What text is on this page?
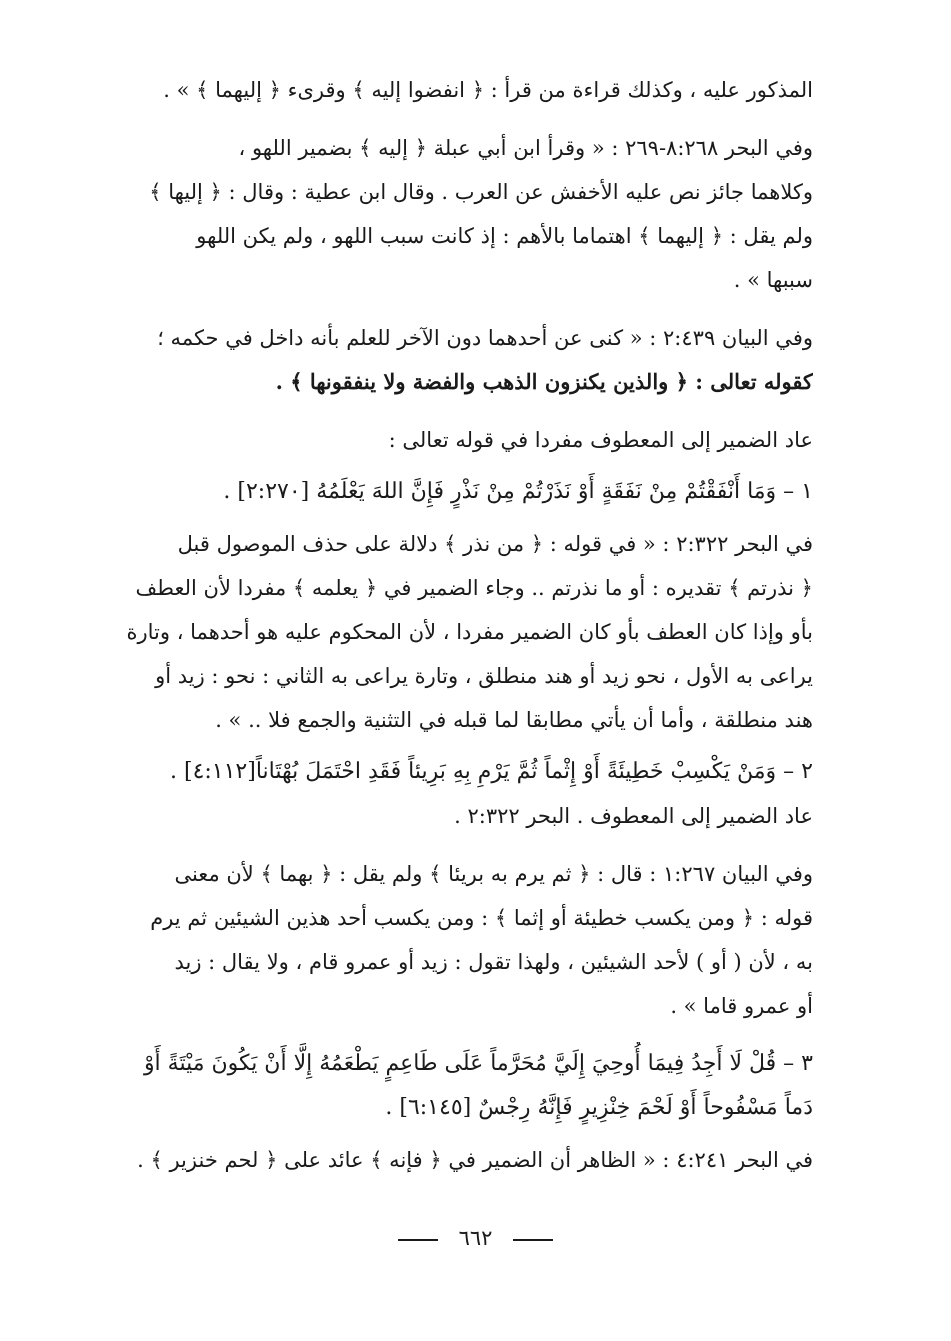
المذكور عليه ، وكذلك قراءة من قرأ : ﴿ انفضوا إليه ﴾ وقرىء ﴿ إليهما ﴾ » .
وفي البحر ٨:٢٦٨-٢٦٩ : « وقرأ ابن أبي عبلة ﴿ إليه ﴾ بضمير اللهو ،
وكلاهما جائز نص عليه الأخفش عن العرب . وقال ابن عطية : وقال : ﴿ إليها ﴾
ولم يقل : ﴿ إليهما ﴾ اهتماما بالأهم : إذ كانت سبب اللهو ، ولم يكن اللهو
سببها » .
وفي البيان ٢:٤٣٩ : « كنى عن أحدهما دون الآخر للعلم بأنه داخل في حكمه ؛
كقوله تعالى : ﴿ والذين يكنزون الذهب والفضة ولا ينفقونها ﴾ .
عاد الضمير إلى المعطوف مفردا في قوله تعالى :
١ – وَمَا أَنْفَقْتُمْ مِنْ نَفَقَةٍ أَوْ نَذَرْتُمْ مِنْ نَذْرٍ فَإِنَّ اللهَ يَعْلَمُهُ [٢:٢٧٠] .
في البحر ٢:٣٢٢ : « في قوله : ﴿ من نذر ﴾ دلالة على حذف الموصول قبل
﴿ نذرتم ﴾ تقديره : أو ما نذرتم .. وجاء الضمير في ﴿ يعلمه ﴾ مفردا لأن العطف
بأو وإذا كان العطف بأو كان الضمير مفردا ، لأن المحكوم عليه هو أحدهما ، وتارة
يراعى به الأول ، نحو زيد أو هند منطلق ، وتارة يراعى به الثاني : نحو : زيد أو
هند منطلقة ، وأما أن يأتي مطابقا لما قبله في التثنية والجمع فلا .. » .
٢ – وَمَنْ يَكْسِبْ خَطِيئَةً أَوْ إِثْماً ثُمَّ يَرْمِ بِهِ بَرِيئاً فَقَدِ احْتَمَلَ بُهْتَاناً[٤:١١٢] .
عاد الضمير إلى المعطوف . البحر ٢:٣٢٢ .
وفي البيان ١:٢٦٧ : قال : ﴿ ثم يرم به بريئا ﴾ ولم يقل : ﴿ بهما ﴾ لأن معنى
قوله : ﴿ ومن يكسب خطيئة أو إثما ﴾ : ومن يكسب أحد هذين الشيئين ثم يرم
به ، لأن ( أو ) لأحد الشيئين ، ولهذا تقول : زيد أو عمرو قام ، ولا يقال : زيد
أو عمرو قاما » .
٣ – قُلْ لَا أَجِدُ فِيمَا أُوحِيَ إِلَيَّ مُحَرَّماً عَلَى طَاعِمٍ يَطْعَمُهُ إِلَّا أَنْ يَكُونَ مَيْتَةً أَوْ
دَماً مَسْفُوحاً أَوْ لَحْمَ خِنْزِيرٍ فَإِنَّهُ رِجْسٌ [٦:١٤٥] .
في البحر ٤:٢٤١ : « الظاهر أن الضمير في ﴿ فإنه ﴾ عائد على ﴿ لحم خنزير ﴾ .
٦٦٢
